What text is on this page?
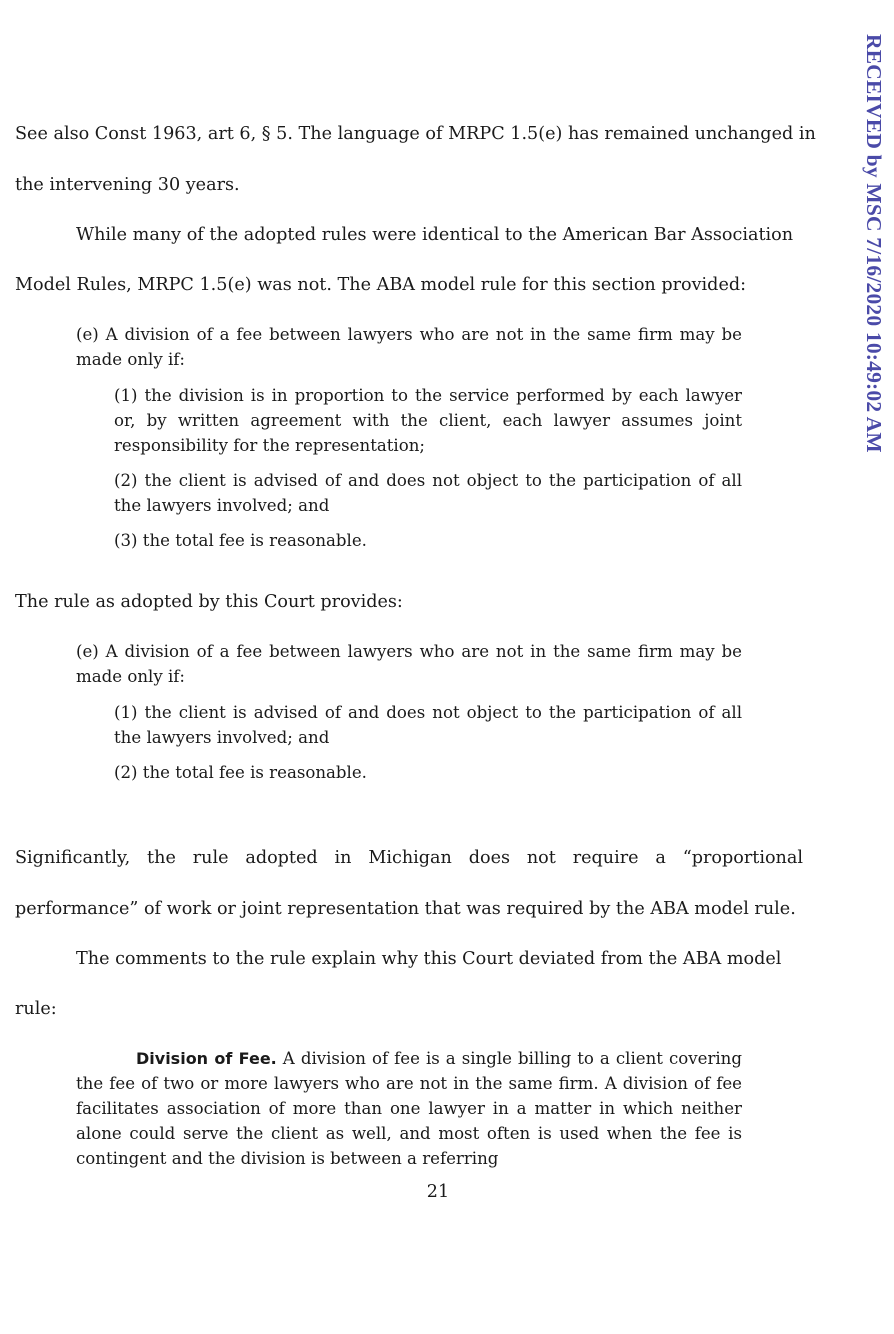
RECEIVED by MSC 7/16/2020 10:49:02 AM
See also Const 1963, art 6, § 5. The language of MRPC 1.5(e) has remained unchanged in
the intervening 30 years.
While many of the adopted rules were identical to the American Bar Association
Model Rules, MRPC 1.5(e) was not. The ABA model rule for this section provided:
(e) A division of a fee between lawyers who are not in the same firm may be made only if:
(1) the division is in proportion to the service performed by each lawyer or, by written agreement with the client, each lawyer assumes joint responsibility for the representation;
(2) the client is advised of and does not object to the participation of all the lawyers involved; and
(3) the total fee is reasonable.
The rule as adopted by this Court provides:
(e) A division of a fee between lawyers who are not in the same firm may be made only if:
(1) the client is advised of and does not object to the participation of all the lawyers involved; and
(2) the total fee is reasonable.
Significantly, the rule adopted in Michigan does not require a “proportional
performance” of work or joint representation that was required by the ABA model rule.
The comments to the rule explain why this Court deviated from the ABA model
rule:
Division of Fee. A division of fee is a single billing to a client covering the fee of two or more lawyers who are not in the same firm. A division of fee facilitates association of more than one lawyer in a matter in which neither alone could serve the client as well, and most often is used when the fee is contingent and the division is between a referring
21
